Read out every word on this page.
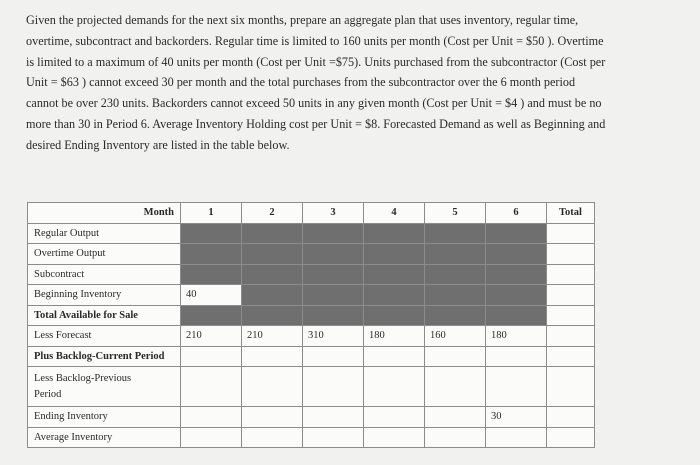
Given the projected demands for the next six months, prepare an aggregate plan that uses inventory, regular time,
overtime, subcontract and backorders. Regular time is limited to 160 units per month (Cost per Unit = $50 ). Overtime
is limited to a maximum of 40 units per month (Cost per Unit =$75). Units purchased from the subcontractor (Cost per
Unit = $63 ) cannot exceed 30 per month and the total purchases from the subcontractor over the 6 month period
cannot be over 230 units. Backorders cannot exceed 50 units in any given month (Cost per Unit = $4 ) and must be no
more than 30 in Period 6. Average Inventory Holding cost per Unit = $8. Forecasted Demand as well as Beginning and
desired Ending Inventory are listed in the table below.

Month	1	2	3	4	5	6	Total
Regular Output							
Overtime Output							
Subcontract							
Beginning Inventory	40						
Total Available for Sale							
Less Forecast	210	210	310	180	160	180	
Plus Backlog-Current Period							

Less Backlog-Previous
Period							

Ending Inventory						30	
Average Inventory							
